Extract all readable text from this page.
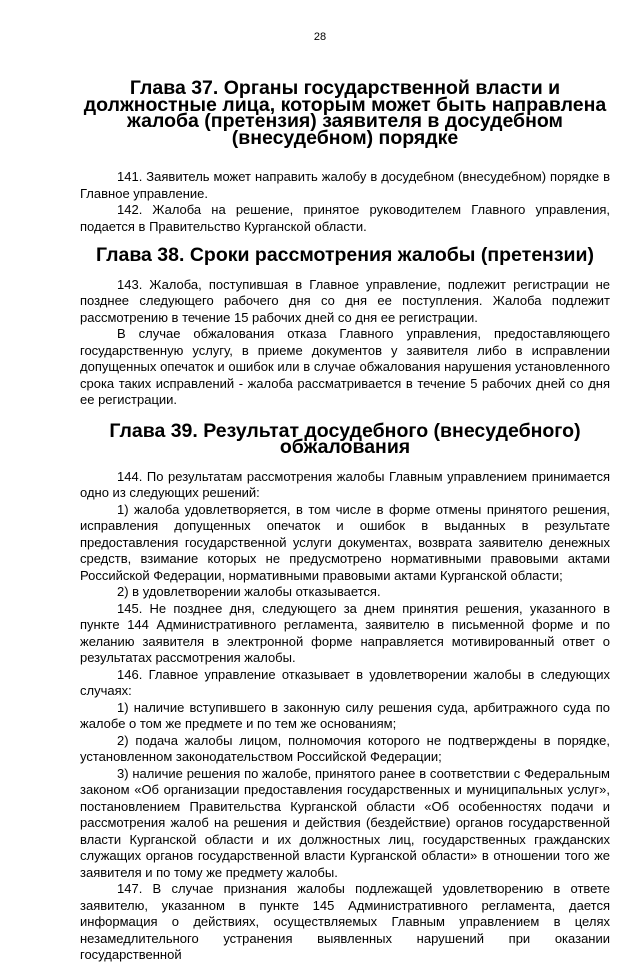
28
Глава 37. Органы государственной власти и должностные лица, которым может быть направлена жалоба (претензия) заявителя в досудебном (внесудебном) порядке

141. Заявитель может направить жалобу в досудебном (внесудебном) порядке в Главное управление.

142. Жалоба на решение, принятое руководителем Главного управления, подается в Правительство Курганской области.

Глава 38. Сроки рассмотрения жалобы (претензии)

143. Жалоба, поступившая в Главное управление, подлежит регистрации не позднее следующего рабочего дня со дня ее поступления. Жалоба подлежит рассмотрению в течение 15 рабочих дней со дня ее регистрации.

В случае обжалования отказа Главного управления, предоставляющего государственную услугу, в приеме документов у заявителя либо в исправлении допущенных опечаток и ошибок или в случае обжалования нарушения установленного срока таких исправлений - жалоба рассматривается в течение 5 рабочих дней со дня ее регистрации.

Глава 39. Результат досудебного (внесудебного) обжалования

144. По результатам рассмотрения жалобы Главным управлением принимается одно из следующих решений:

1) жалоба удовлетворяется, в том числе в форме отмены принятого решения, исправления допущенных опечаток и ошибок в выданных в результате предоставления государственной услуги документах, возврата заявителю денежных средств, взимание которых не предусмотрено нормативными правовыми актами Российской Федерации, нормативными правовыми актами Курганской области;

2) в удовлетворении жалобы отказывается.

145. Не позднее дня, следующего за днем принятия решения, указанного в пункте 144 Административного регламента, заявителю в письменной форме и по желанию заявителя в электронной форме направляется мотивированный ответ о результатах рассмотрения жалобы.

146. Главное управление отказывает в удовлетворении жалобы в следующих случаях:

1) наличие вступившего в законную силу решения суда, арбитражного суда по жалобе о том же предмете и по тем же основаниям;

2) подача жалобы лицом, полномочия которого не подтверждены в порядке, установленном законодательством Российской Федерации;

3) наличие решения по жалобе, принятого ранее в соответствии с Федеральным законом «Об организации предоставления государственных и муниципальных услуг», постановлением Правительства Курганской области «Об особенностях подачи и рассмотрения жалоб на решения и действия (бездействие) органов государственной власти Курганской области и их должностных лиц, государственных гражданских служащих органов государственной власти Курганской области» в отношении того же заявителя и по тому же предмету жалобы.

147. В случае признания жалобы подлежащей удовлетворению в ответе заявителю, указанном в пункте 145 Административного регламента, дается информация о действиях, осуществляемых Главным управлением в целях незамедлительного устранения выявленных нарушений при оказании государственной
